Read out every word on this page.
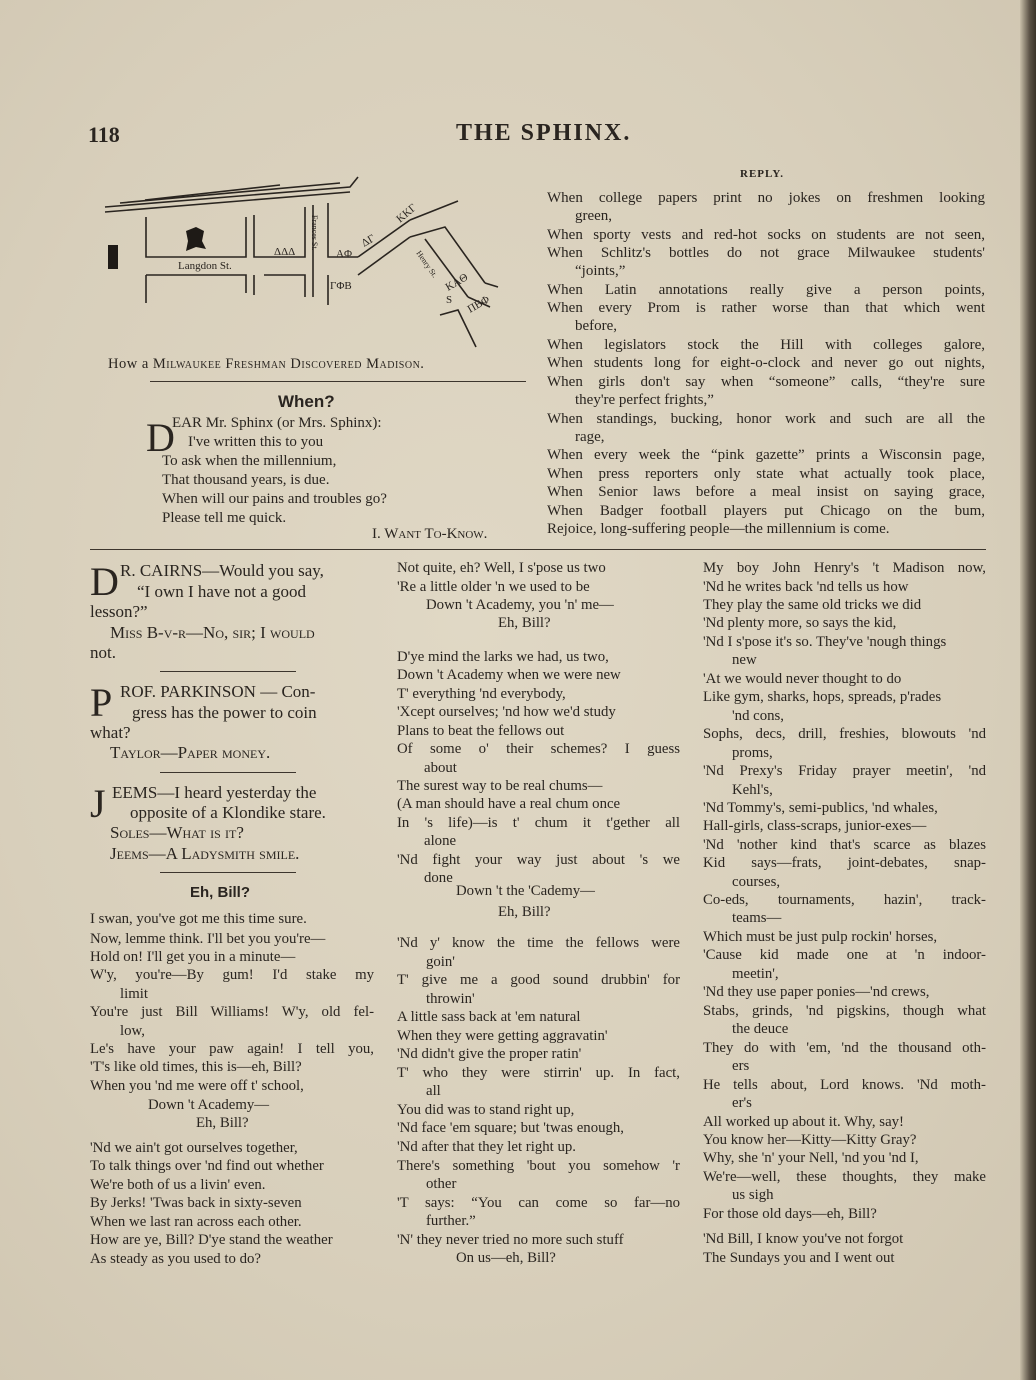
118	THE SPHINX.
Langdon St.
ΔΔΔ	AΦ
ΔΓ
KKΓ
KAΘ
ΓΦB
ΠBΦ
S
Frances St.
Henry St.
How a Milwaukee Freshman Discovered Madison.
When?
D
EAR Mr. Sphinx (or Mrs. Sphinx):
I've written this to you
To ask when the millennium,
That thousand years, is due.
When will our pains and troubles go?
Please tell me quick.
I. Want To-Know.
REPLY.
When college papers print no jokes on freshmen looking
green,
When sporty vests and red-hot socks on students are not seen,
When Schlitz's bottles do not grace Milwaukee students'
“joints,”
When Latin annotations really give a person points,
When every Prom is rather worse than that which went
before,
When legislators stock the Hill with colleges galore,
When students long for eight-o-clock and never go out nights,
When girls don't say when “someone” calls, “they're sure
they're perfect frights,”
When standings, bucking, honor work and such are all the
rage,
When every week the “pink gazette” prints a Wisconsin page,
When press reporters only state what actually took place,
When Senior laws before a meal insist on saying grace,
When Badger football players put Chicago on the bum,
Rejoice, long-suffering people—the millennium is come.
D R. CAIRNS—Would you say,
“I own I have not a good
lesson?”
Miss B-v-r—No, sir; I would
not.
P ROF. PARKINSON — Con-
gress has the power to coin
what?
Taylor—Paper money.
J EEMS—I heard yesterday the
opposite of a Klondike stare.
Soles—What is it?
Jeems—A Ladysmith smile.
Eh, Bill?
I swan, you've got me this time sure.
Now, lemme think. I'll bet you you're—
Hold on! I'll get you in a minute—
W'y, you're—By gum! I'd stake my
limit
You're just Bill Williams! W'y, old fel-
low,
Le's have your paw again! I tell you,
'T's like old times, this is—eh, Bill?
When you 'nd me were off t' school,
Down 't Academy—
Eh, Bill?
'Nd we ain't got ourselves together,
To talk things over 'nd find out whether
We're both of us a livin' even.
By Jerks! 'Twas back in sixty-seven
When we last ran across each other.
How are ye, Bill? D'ye stand the weather
As steady as you used to do?
Not quite, eh? Well, I s'pose us two
'Re a little older 'n we used to be
Down 't Academy, you 'n' me—
Eh, Bill?
D'ye mind the larks we had, us two,
Down 't Academy when we were new
T' everything 'nd everybody,
'Xcept ourselves; 'nd how we'd study
Plans to beat the fellows out
Of some o' their schemes? I guess
about
The surest way to be real chums—
(A man should have a real chum once
In 's life)—is t' chum it t'gether all
alone
'Nd fight your way just about 's we
done
Down 't the 'Cademy—
Eh, Bill?
'Nd y' know the time the fellows were
goin'
T' give me a good sound drubbin' for
throwin'
A little sass back at 'em natural
When they were getting aggravatin'
'Nd didn't give the proper ratin'
T' who they were stirrin' up. In fact,
all
You did was to stand right up,
'Nd face 'em square; but 'twas enough,
'Nd after that they let right up.
There's something 'bout you somehow 'r
other
'T says: “You can come so far—no
further.”
'N' they never tried no more such stuff
On us—eh, Bill?
My boy John Henry's 't Madison now,
'Nd he writes back 'nd tells us how
They play the same old tricks we did
'Nd plenty more, so says the kid,
'Nd I s'pose it's so. They've 'nough things
new
'At we would never thought to do
Like gym, sharks, hops, spreads, p'rades
'nd cons,
Sophs, decs, drill, freshies, blowouts 'nd
proms,
'Nd Prexy's Friday prayer meetin', 'nd
Kehl's,
'Nd Tommy's, semi-publics, 'nd whales,
Hall-girls, class-scraps, junior-exes—
'Nd 'nother kind that's scarce as blazes
Kid says—frats, joint-debates, snap-
courses,
Co-eds, tournaments, hazin', track-
teams—
Which must be just pulp rockin' horses,
'Cause kid made one at 'n indoor-
meetin',
'Nd they use paper ponies—'nd crews,
Stabs, grinds, 'nd pigskins, though what
the deuce
They do with 'em, 'nd the thousand oth-
ers
He tells about, Lord knows. 'Nd moth-
er's
All worked up about it. Why, say!
You know her—Kitty—Kitty Gray?
Why, she 'n' your Nell, 'nd you 'nd I,
We're—well, these thoughts, they make
us sigh
For those old days—eh, Bill?
'Nd Bill, I know you've not forgot
The Sundays you and I went out
